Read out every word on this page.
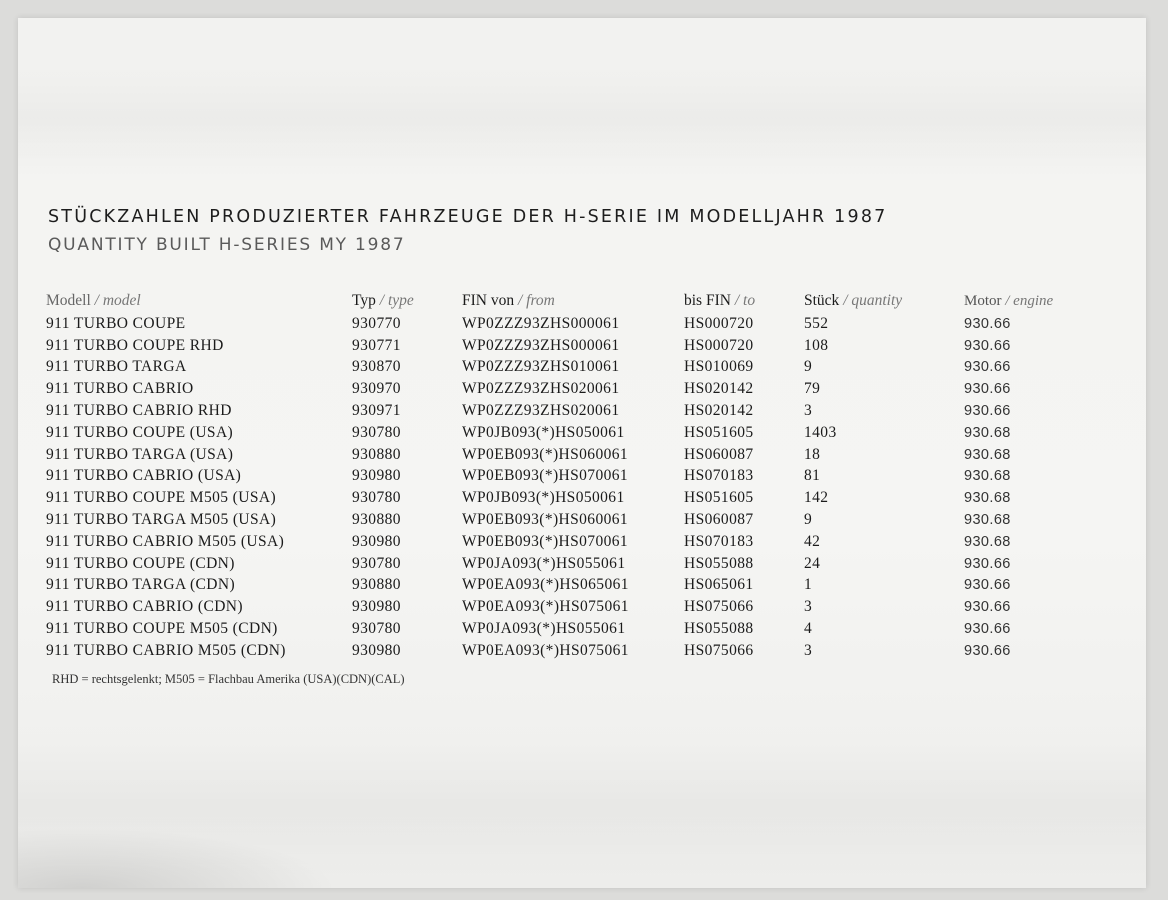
STÜCKZAHLEN PRODUZIERTER FAHRZEUGE DER H-SERIE IM MODELLJAHR 1987
QUANTITY BUILT H-SERIES MY 1987
Modell / model	Typ / type	FIN von / from	bis FIN / to	Stück / quantity	Motor / engine
911 TURBO COUPE	930770	WP0ZZZ93ZHS000061	HS000720	552	930.66
911 TURBO COUPE RHD	930771	WP0ZZZ93ZHS000061	HS000720	108	930.66
911 TURBO TARGA	930870	WP0ZZZ93ZHS010061	HS010069	9	930.66
911 TURBO CABRIO	930970	WP0ZZZ93ZHS020061	HS020142	79	930.66
911 TURBO CABRIO RHD	930971	WP0ZZZ93ZHS020061	HS020142	3	930.66
911 TURBO COUPE (USA)	930780	WP0JB093(*)HS050061	HS051605	1403	930.68
911 TURBO TARGA (USA)	930880	WP0EB093(*)HS060061	HS060087	18	930.68
911 TURBO CABRIO (USA)	930980	WP0EB093(*)HS070061	HS070183	81	930.68
911 TURBO COUPE M505 (USA)	930780	WP0JB093(*)HS050061	HS051605	142	930.68
911 TURBO TARGA M505 (USA)	930880	WP0EB093(*)HS060061	HS060087	9	930.68
911 TURBO CABRIO M505 (USA)	930980	WP0EB093(*)HS070061	HS070183	42	930.68
911 TURBO COUPE (CDN)	930780	WP0JA093(*)HS055061	HS055088	24	930.66
911 TURBO TARGA (CDN)	930880	WP0EA093(*)HS065061	HS065061	1	930.66
911 TURBO CABRIO (CDN)	930980	WP0EA093(*)HS075061	HS075066	3	930.66
911 TURBO COUPE M505 (CDN)	930780	WP0JA093(*)HS055061	HS055088	4	930.66
911 TURBO CABRIO M505 (CDN)	930980	WP0EA093(*)HS075061	HS075066	3	930.66
RHD = rechtsgelenkt; M505 = Flachbau Amerika (USA)(CDN)(CAL)
